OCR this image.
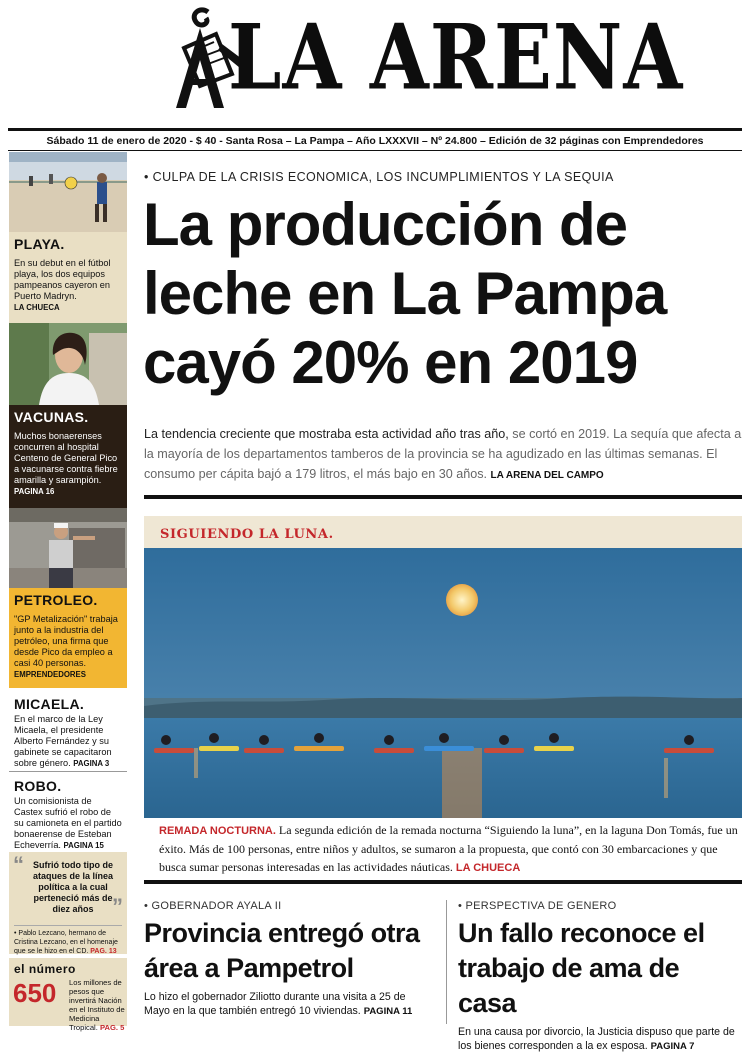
LA ARENA
Sábado 11 de enero de 2020 - $ 40 - Santa Rosa – La Pampa – Año LXXXVII – Nº 24.800 – Edición de 32 páginas con Emprendedores
PLAYA.
En su debut en el fútbol playa, los dos equipos pampeanos cayeron en Puerto Madryn.
LA CHUECA
VACUNAS.
Muchos bonaerenses concurren al hospital Centeno de General Pico a vacunarse contra fiebre amarilla y sarampión.
PAGINA 16
PETROLEO.
"GP Metalización" trabaja junto a la industria del petróleo, una firma que desde Pico da empleo a casi 40 personas.
EMPRENDEDORES
MICAELA.
En el marco de la Ley Micaela, el presidente Alberto Fernández y su gabinete se capacitaron sobre género. PAGINA 3
ROBO.
Un comisionista de Castex sufrió el robo de su camioneta en el partido bonaerense de Esteban Echeverría. PAGINA 15
“	Sufrió todo tipo de ataques de la línea política a la cual perteneció más de diez años ”
• Pablo Lezcano, hermano de Cristina Lezcano, en el homenaje que se le hizo en el CD. PAG. 13
el número
650 Los millones de pesos que invertirá Nación en el Instituto de Medicina Tropical. PAG. 5
• CULPA DE LA CRISIS ECONOMICA, LOS INCUMPLIMIENTOS Y LA SEQUIA
La producción de leche en La Pampa cayó 20% en 2019
La tendencia creciente que mostraba esta actividad año tras año, se cortó en 2019. La sequía que afecta a la mayoría de los departamentos tamberos de la provincia se ha agudizado en las últimas semanas. El consumo per cápita bajó a 179 litros, el más bajo en 30 años. LA ARENA DEL CAMPO
SIGUIENDO LA LUNA.
REMADA NOCTURNA. La segunda edición de la remada nocturna “Siguiendo la luna”, en la laguna Don Tomás, fue un éxito. Más de 100 personas, entre niños y adultos, se sumaron a la propuesta, que contó con 30 embarcaciones y que busca sumar personas interesadas en las actividades náuticas. LA CHUECA
• GOBERNADOR AYALA II
Provincia entregó otra área a Pampetrol
Lo hizo el gobernador Ziliotto durante una visita a 25 de Mayo en la que también entregó 10 viviendas. PAGINA 11
• PERSPECTIVA DE GENERO
Un fallo reconoce el trabajo de ama de casa
En una causa por divorcio, la Justicia dispuso que parte de los bienes corresponden a la ex esposa. PAGINA 7
